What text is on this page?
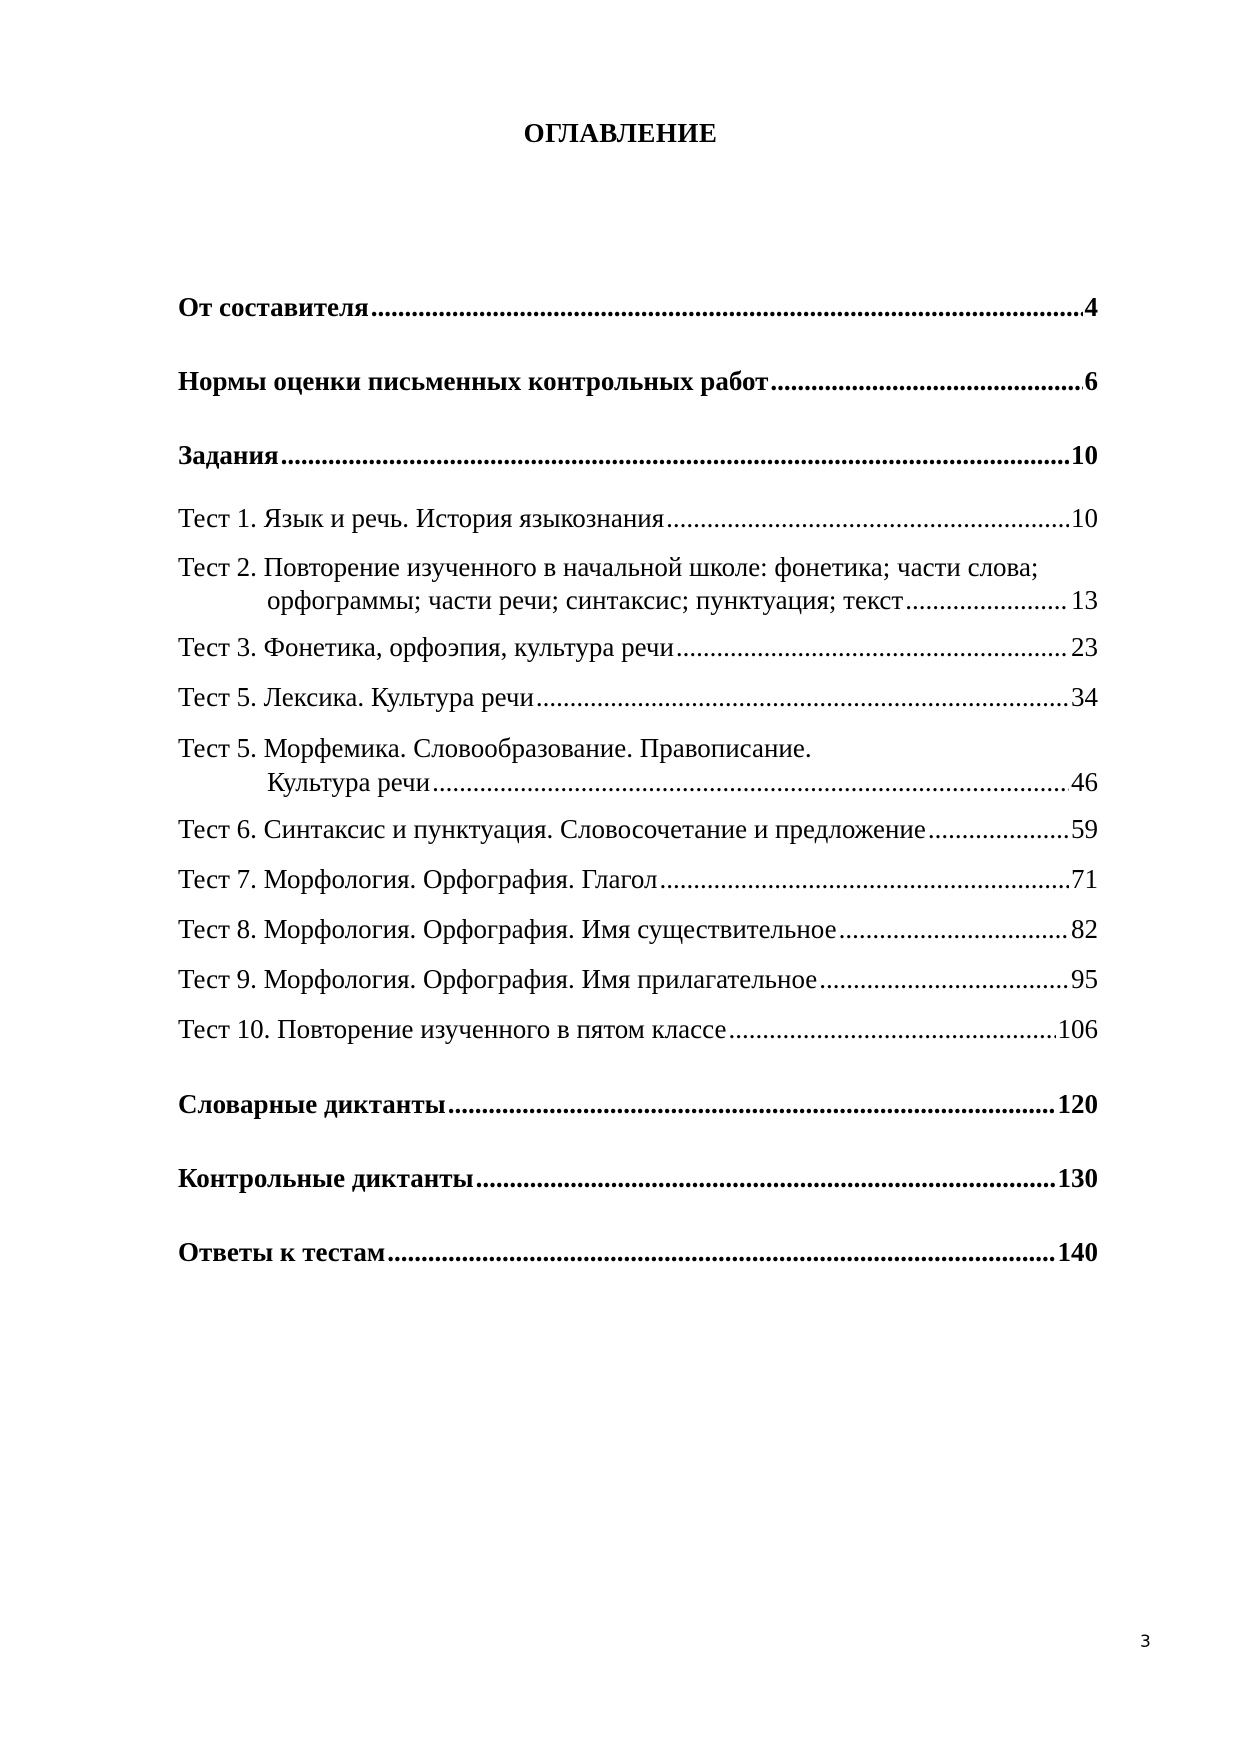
ОГЛАВЛЕНИЕ
От составителя .....	4
Нормы оценки письменных контрольных работ .....	6
Задания .....	10
Тест 1. Язык и речь. История языкознания .....	10
Тест 2. Повторение изученного в начальной школе: фонетика; части слова;
орфограммы; части речи; синтаксис; пунктуация; текст .....	13
Тест 3. Фонетика, орфоэпия, культура речи .....	23
Тест 5. Лексика. Культура речи .....	34
Тест 5. Морфемика. Словообразование. Правописание.
Культура речи .....	46
Тест 6. Синтаксис и пунктуация. Словосочетание и предложение .....	59
Тест 7. Морфология. Орфография. Глагол .....	71
Тест 8. Морфология. Орфография. Имя существительное .....	82
Тест 9. Морфология. Орфография. Имя прилагательное .....	95
Тест 10. Повторение изученного в пятом классе .....	106
Словарные диктанты .....	120
Контрольные диктанты .....	130
Ответы к тестам .....	140
3
